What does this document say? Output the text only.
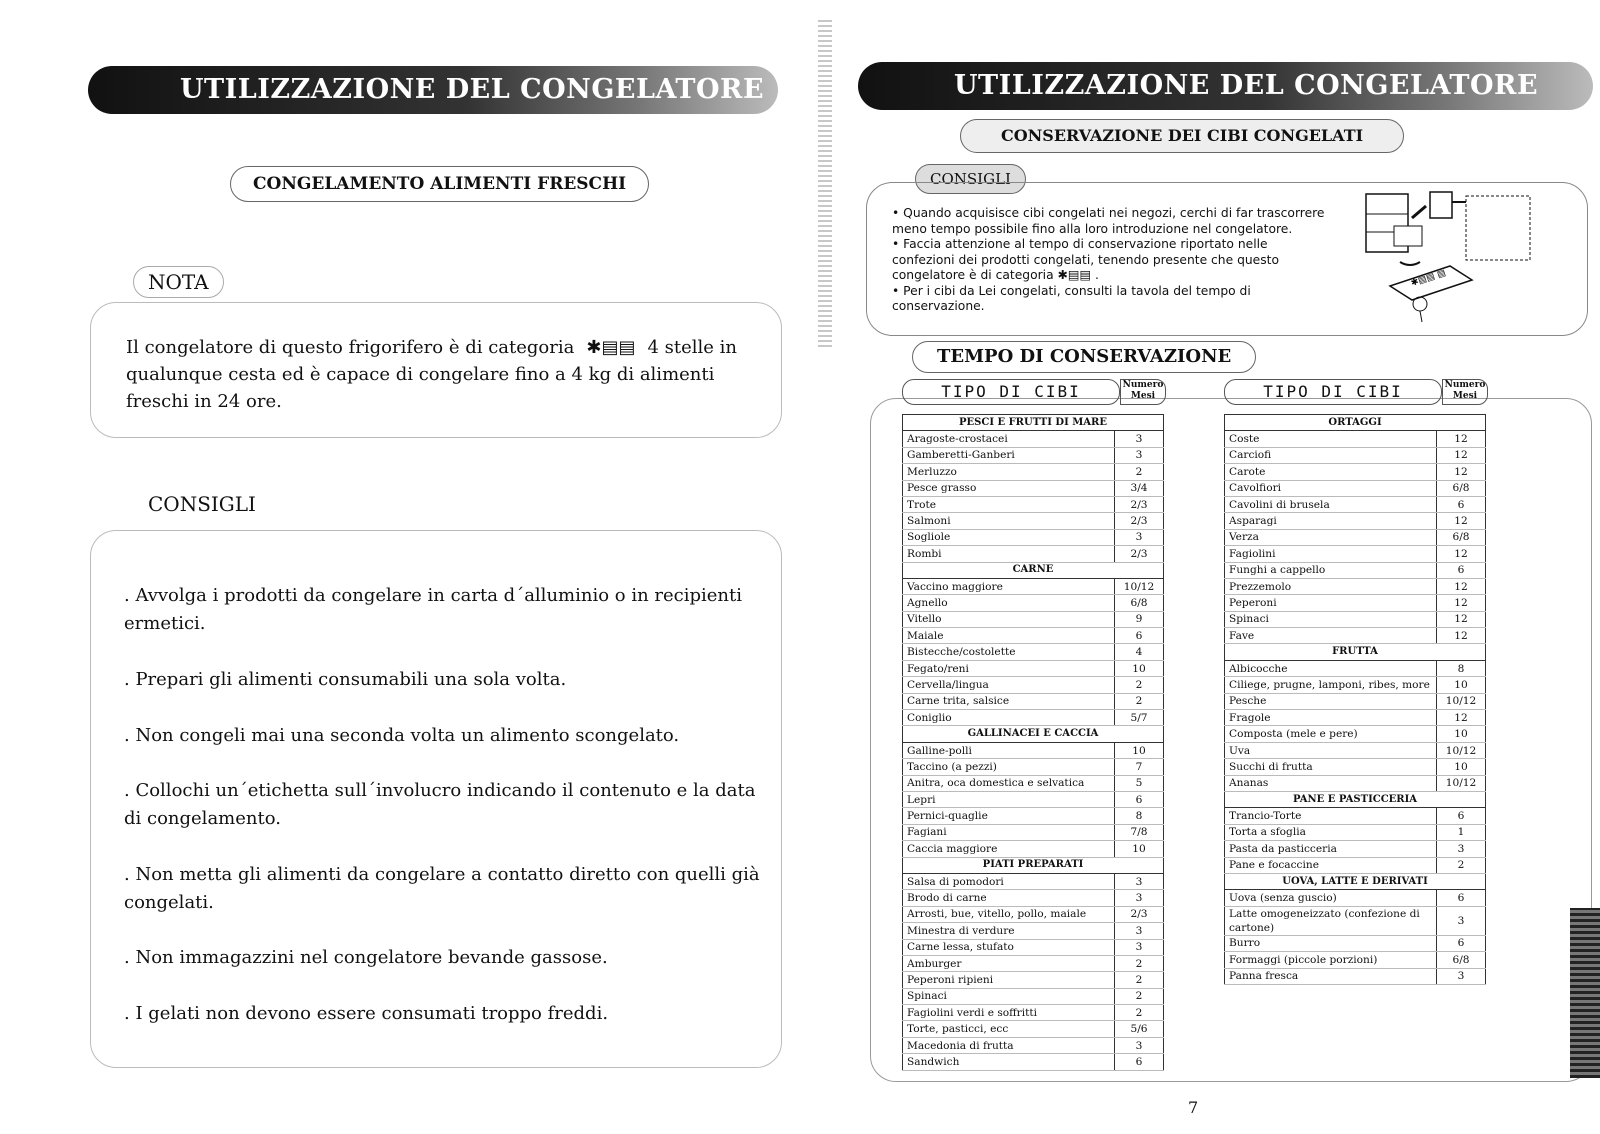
UTILIZZAZIONE DEL CONGELATORE
CONGELAMENTO ALIMENTI FRESCHI
NOTA
Il congelatore di questo frigorifero è di categoria  ✱▤▤  4 stelle in qualunque cesta ed è capace di congelare fino a 4 kg di alimenti freschi in 24 ore.
CONSIGLI
. Avvolga i prodotti da congelare in carta d´alluminio o in recipienti ermetici.
. Prepari gli alimenti consumabili una sola volta.
. Non congeli mai una seconda volta un alimento scongelato.
. Collochi un´etichetta sull´involucro indicando il contenuto e la data di congelamento.
. Non metta gli alimenti da congelare a contatto diretto con quelli già congelati.
. Non immagazzini nel congelatore bevande gassose.
. I gelati non devono essere consumati troppo freddi.
UTILIZZAZIONE DEL CONGELATORE
CONSERVAZIONE DEI CIBI CONGELATI
CONSIGLI

• Quando acquisisce cibi congelati nei negozi, cerchi di far trascorrere meno tempo possibile fino alla loro introduzione nel congelatore.

• Faccia attenzione al tempo di conservazione riportato nelle confezioni dei prodotti congelati, tenendo presente che questo congelatore è di categoria ✱▤▤ .

• Per i cibi da Lei congelati, consulti la tavola del tempo di conservazione.

✱▤▤ ▤
TEMPO DI CONSERVAZIONE
TIPO DI CIBI	Numero Mesi	TIPO DI CIBI	Numero Mesi
PESCI E FRUTTI DI MARE	
Aragoste-crostacei	3
Gamberetti-Ganberi	3
Merluzzo	2
Pesce grasso	3/4
Trote	2/3
Salmoni	2/3
Sogliole	3
Rombi	2/3
CARNE	
Vaccino maggiore	10/12
Agnello	6/8
Vitello	9
Maiale	6
Bistecche/costolette	4
Fegato/reni	10
Cervella/lingua	2
Carne trita, salsice	2
Coniglio	5/7
GALLINACEI E CACCIA	
Galline-polli	10
Taccino (a pezzi)	7
Anitra, oca domestica e selvatica	5
Lepri	6
Pernici-quaglie	8
Fagiani	7/8
Caccia maggiore	10
PIATI PREPARATI	
Salsa di pomodori	3
Brodo di carne	3
Arrosti, bue, vitello, pollo, maiale	2/3
Minestra di verdure	3
Carne lessa, stufato	3
Amburger	2
Peperoni ripieni	2
Spinaci	2
Fagiolini verdi e soffritti	2
Torte, pasticci, ecc	5/6
Macedonia di frutta	3
Sandwich	6
ORTAGGI	
Coste	12
Carciofi	12
Carote	12
Cavolfiori	6/8
Cavolini di brusela	6
Asparagi	12
Verza	6/8
Fagiolini	12
Funghi a cappello	6
Prezzemolo	12
Peperoni	12
Spinaci	12
Fave	12
FRUTTA	
Albicocche	8
Ciliege, prugne, lamponi, ribes, more	10
Pesche	10/12
Fragole	12
Composta (mele e pere)	10
Uva	10/12
Succhi di frutta	10
Ananas	10/12
PANE E PASTICCERIA	
Trancio-Torte	6
Torta a sfoglia	1
Pasta da pasticceria	3
Pane e focaccine	2
UOVA, LATTE E DERIVATI	
Uova (senza guscio)	6
Latte omogeneizzato (confezione di cartone)	3
Burro	6
Formaggi (piccole porzioni)	6/8
Panna fresca	3
7
